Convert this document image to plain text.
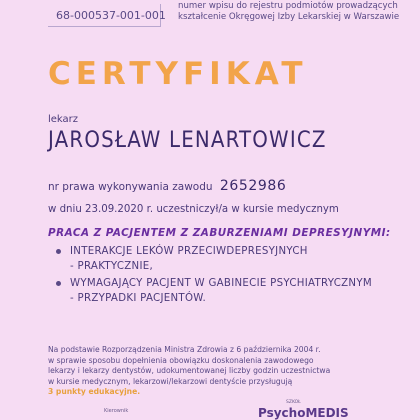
68-000537-001-001
numer wpisu do rejestru podmiotów prowadzących
kształcenie Okręgowej Izby Lekarskiej w Warszawie
CERTYFIKAT
lekarz
JAROSŁAW LENARTOWICZ
nr prawa wykonywania zawodu 2652986
w dniu 23.09.2020 r. uczestniczył/a w kursie medycznym
PRACA Z PACJENTEM Z ZABURZENIAMI DEPRESYJNYMI:
INTERAKCJE LEKÓW PRZECIWDEPRESYJNYCH
- PRAKTYCZNIE,
WYMAGAJĄCY PACJENT W GABINECIE PSYCHIATRYCZNYM
- PRZYPADKI PACJENTÓW.
Na podstawie Rozporządzenia Ministra Zdrowia z 6 października 2004 r.
w sprawie sposobu dopełnienia obowiązku doskonalenia zawodowego
lekarzy i lekarzy dentystów, udokumentowanej liczby godzin uczestnictwa
w kursie medycznym, lekarzowi/lekarzowi dentyście przysługują
3 punkty edukacyjne.
Kierownik
SZKOŁ
PsychoMEDIS
